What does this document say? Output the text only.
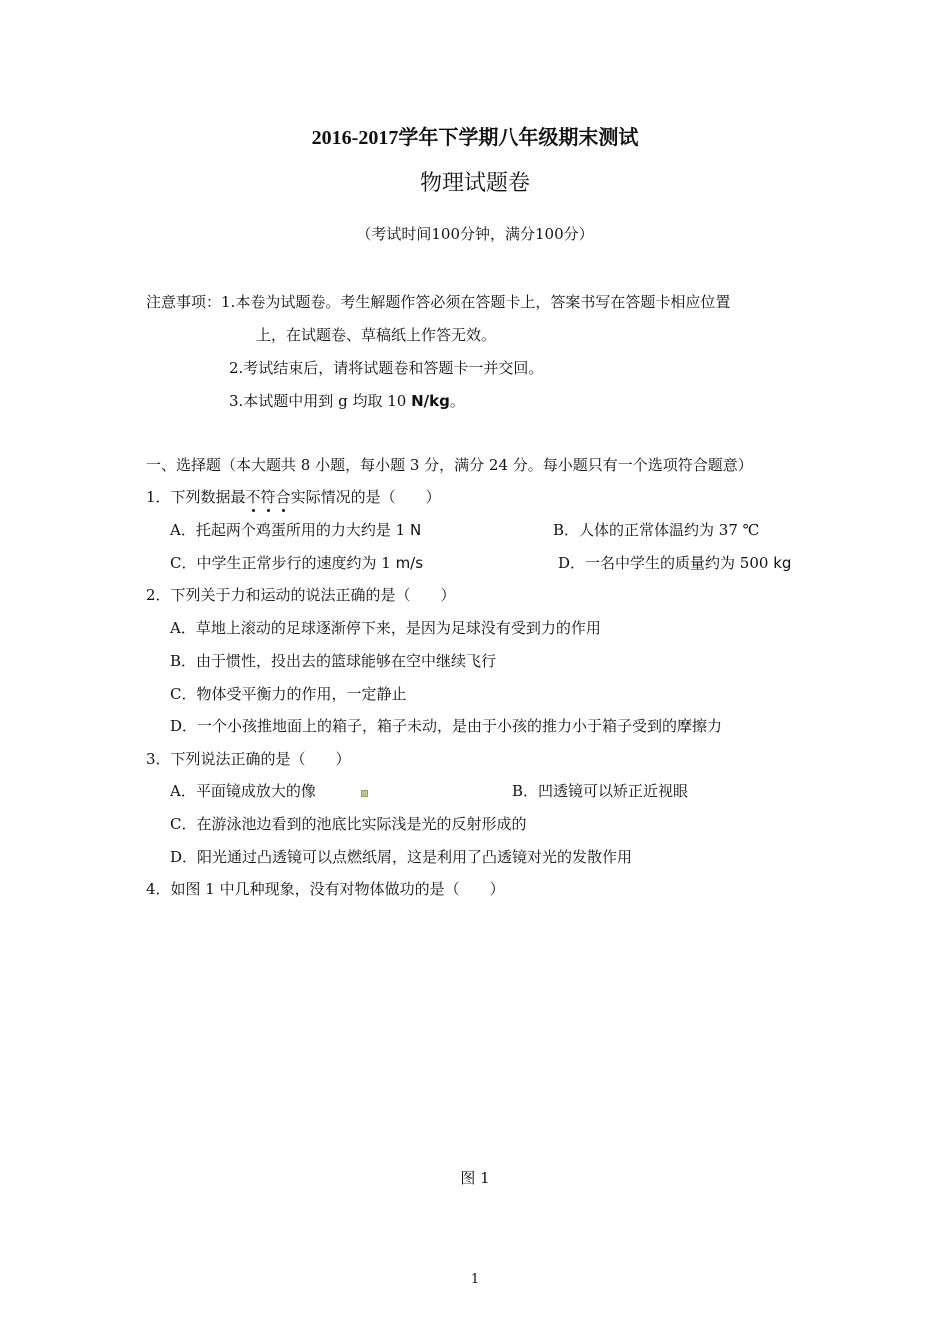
2016-2017学年下学期八年级期末测试
物理试题卷
（考试时间100分钟，满分100分）
注意事项：1.本卷为试题卷。考生解题作答必须在答题卡上，答案书写在答题卡相应位置
上，在试题卷、草稿纸上作答无效。
2.考试结束后，请将试题卷和答题卡一并交回。
3.本试题中用到 g 均取 10 N/kg。
一、选择题（本大题共 8 小题，每小题 3 分，满分 24 分。每小题只有一个选项符合题意）
1．下列数据最不符合
实际情况的是（　　）
A．托起两个鸡蛋所用的力大约是 1 N	B．人体的正常体温约为 37 ℃
C．中学生正常步行的速度约为 1 m/s	D．一名中学生的质量约为 500 kg
2．下列关于力和运动的说法正确的是（　　）
A．草地上滚动的足球逐渐停下来，是因为足球没有受到力的作用
B．由于惯性，投出去的篮球能够在空中继续飞行
C．物体受平衡力的作用，一定静止
D．一个小孩推地面上的箱子，箱子未动，是由于小孩的推力小于箱子受到的摩擦力
3．下列说法正确的是（　　）
A．平面镜成放大的像	B．凹透镜可以矫正近视眼
C．在游泳池边看到的池底比实际浅是光的反射形成的
D．阳光通过凸透镜可以点燃纸屑，这是利用了凸透镜对光的发散作用
4．如图 1 中几种现象，没有对物体做功的是（　　）
图 1
1
